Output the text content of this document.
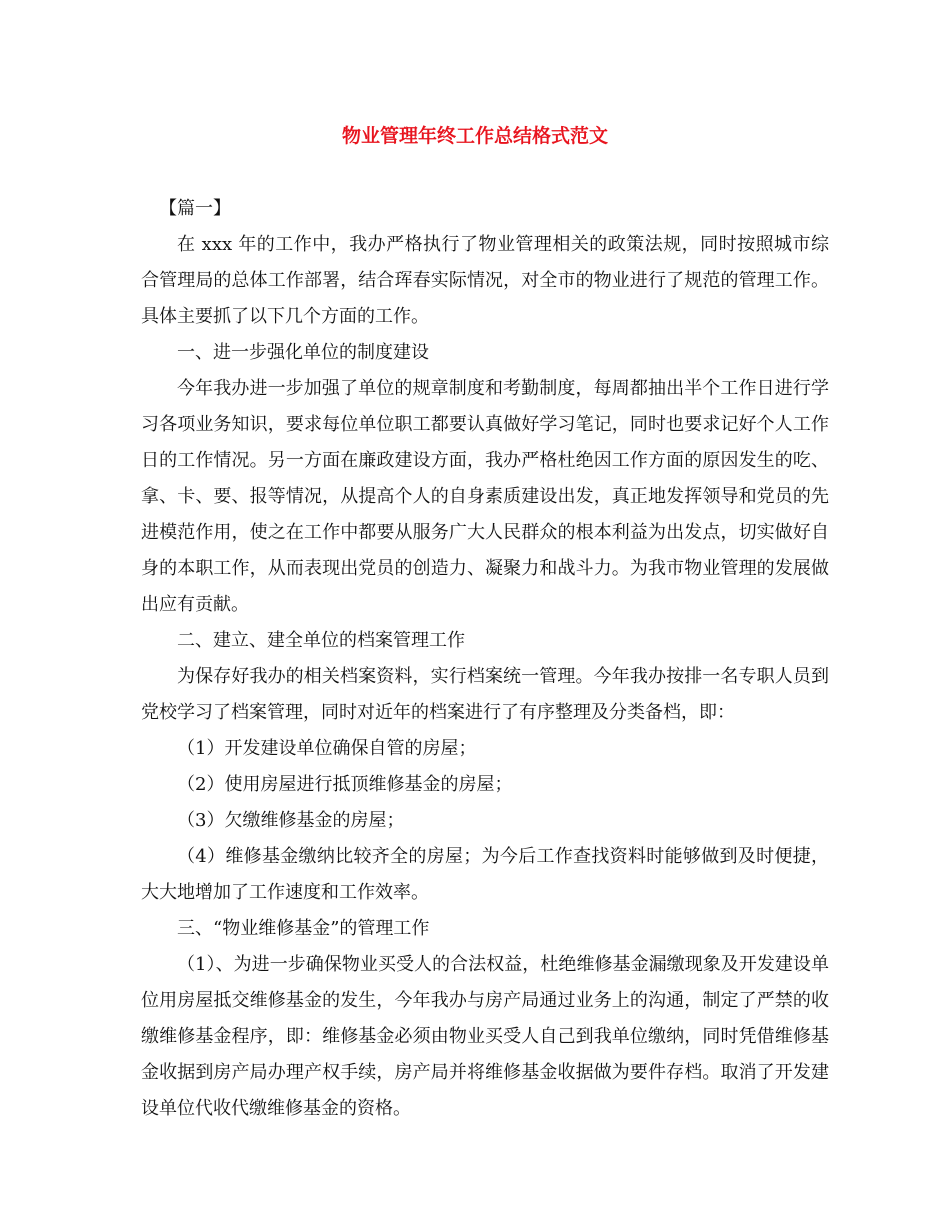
物业管理年终工作总结格式范文

【篇一】

在 xxx 年的工作中，我办严格执行了物业管理相关的政策法规，同时按照城市综合管理局的总体工作部署，结合珲春实际情况，对全市的物业进行了规范的管理工作。具体主要抓了以下几个方面的工作。

一、进一步强化单位的制度建设

今年我办进一步加强了单位的规章制度和考勤制度，每周都抽出半个工作日进行学习各项业务知识，要求每位单位职工都要认真做好学习笔记，同时也要求记好个人工作日的工作情况。另一方面在廉政建设方面，我办严格杜绝因工作方面的原因发生的吃、拿、卡、要、报等情况，从提高个人的自身素质建设出发，真正地发挥领导和党员的先进模范作用，使之在工作中都要从服务广大人民群众的根本利益为出发点，切实做好自身的本职工作，从而表现出党员的创造力、凝聚力和战斗力。为我市物业管理的发展做出应有贡献。

二、建立、建全单位的档案管理工作

为保存好我办的相关档案资料，实行档案统一管理。今年我办按排一名专职人员到党校学习了档案管理，同时对近年的档案进行了有序整理及分类备档，即：

（1）开发建设单位确保自管的房屋；

（2）使用房屋进行抵顶维修基金的房屋；

（3）欠缴维修基金的房屋；

（4）维修基金缴纳比较齐全的房屋；为今后工作查找资料时能够做到及时便捷，大大地增加了工作速度和工作效率。

三、“物业维修基金”的管理工作

（1）、为进一步确保物业买受人的合法权益，杜绝维修基金漏缴现象及开发建设单位用房屋抵交维修基金的发生，今年我办与房产局通过业务上的沟通，制定了严禁的收缴维修基金程序，即：维修基金必须由物业买受人自己到我单位缴纳，同时凭借维修基金收据到房产局办理产权手续，房产局并将维修基金收据做为要件存档。取消了开发建设单位代收代缴维修基金的资格。
